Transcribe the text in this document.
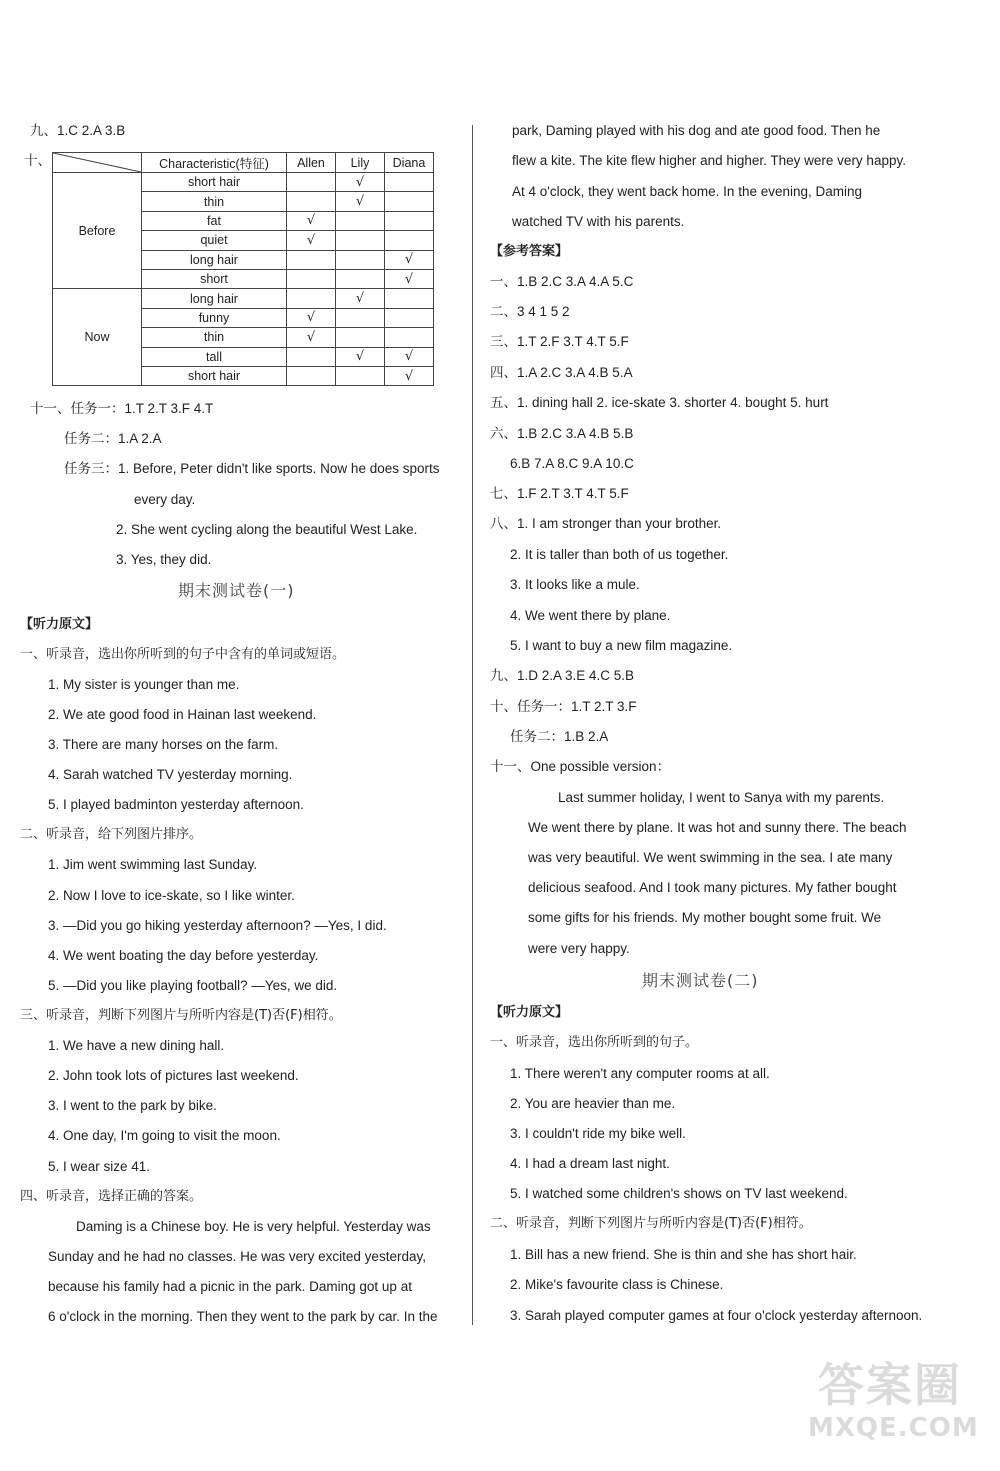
九、1.C 2.A 3.B
十、
		Characteristic(特征)	Allen	Lily	Diana
Before	short hair		√	
	thin		√	
	fat	√		
	quiet	√		
	long hair			√
	short			√
Now	long hair		√	
	funny	√		
	thin	√		
	tall		√	√
	short hair			√
十一、任务一：1.T 2.T 3.F 4.T
任务二：1.A 2.A
任务三：1. Before, Peter didn't like sports. Now he does sports
every day.
2. She went cycling along the beautiful West Lake.
3. Yes, they did.
期末测试卷(一)
【听力原文】
一、听录音，选出你所听到的句子中含有的单词或短语。
1. My sister is younger than me.
2. We ate good food in Hainan last weekend.
3. There are many horses on the farm.
4. Sarah watched TV yesterday morning.
5. I played badminton yesterday afternoon.
二、听录音，给下列图片排序。
1. Jim went swimming last Sunday.
2. Now I love to ice-skate, so I like winter.
3. —Did you go hiking yesterday afternoon? —Yes, I did.
4. We went boating the day before yesterday.
5. —Did you like playing football? —Yes, we did.
三、听录音，判断下列图片与所听内容是(T)否(F)相符。
1. We have a new dining hall.
2. John took lots of pictures last weekend.
3. I went to the park by bike.
4. One day, I'm going to visit the moon.
5. I wear size 41.
四、听录音，选择正确的答案。
Daming is a Chinese boy. He is very helpful. Yesterday was
Sunday and he had no classes. He was very excited yesterday,
because his family had a picnic in the park. Daming got up at
6 o'clock in the morning. Then they went to the park by car. In the
park, Daming played with his dog and ate good food. Then he
flew a kite. The kite flew higher and higher. They were very happy.
At 4 o'clock, they went back home. In the evening, Daming
watched TV with his parents.
【参考答案】
一、1.B 2.C 3.A 4.A 5.C
二、3 4 1 5 2
三、1.T 2.F 3.T 4.T 5.F
四、1.A 2.C 3.A 4.B 5.A
五、1. dining hall 2. ice-skate 3. shorter 4. bought 5. hurt
六、1.B 2.C 3.A 4.B 5.B
6.B 7.A 8.C 9.A 10.C
七、1.F 2.T 3.T 4.T 5.F
八、1. I am stronger than your brother.
2. It is taller than both of us together.
3. It looks like a mule.
4. We went there by plane.
5. I want to buy a new film magazine.
九、1.D 2.A 3.E 4.C 5.B
十、任务一：1.T 2.T 3.F
任务二：1.B 2.A
十一、One possible version：
Last summer holiday, I went to Sanya with my parents.
We went there by plane. It was hot and sunny there. The beach
was very beautiful. We went swimming in the sea. I ate many
delicious seafood. And I took many pictures. My father bought
some gifts for his friends. My mother bought some fruit. We
were very happy.
期末测试卷(二)
【听力原文】
一、听录音，选出你所听到的句子。
1. There weren't any computer rooms at all.
2. You are heavier than me.
3. I couldn't ride my bike well.
4. I had a dream last night.
5. I watched some children's shows on TV last weekend.
二、听录音，判断下列图片与所听内容是(T)否(F)相符。
1. Bill has a new friend. She is thin and she has short hair.
2. Mike's favourite class is Chinese.
3. Sarah played computer games at four o'clock yesterday afternoon.
答案圈
MXQE.COM
